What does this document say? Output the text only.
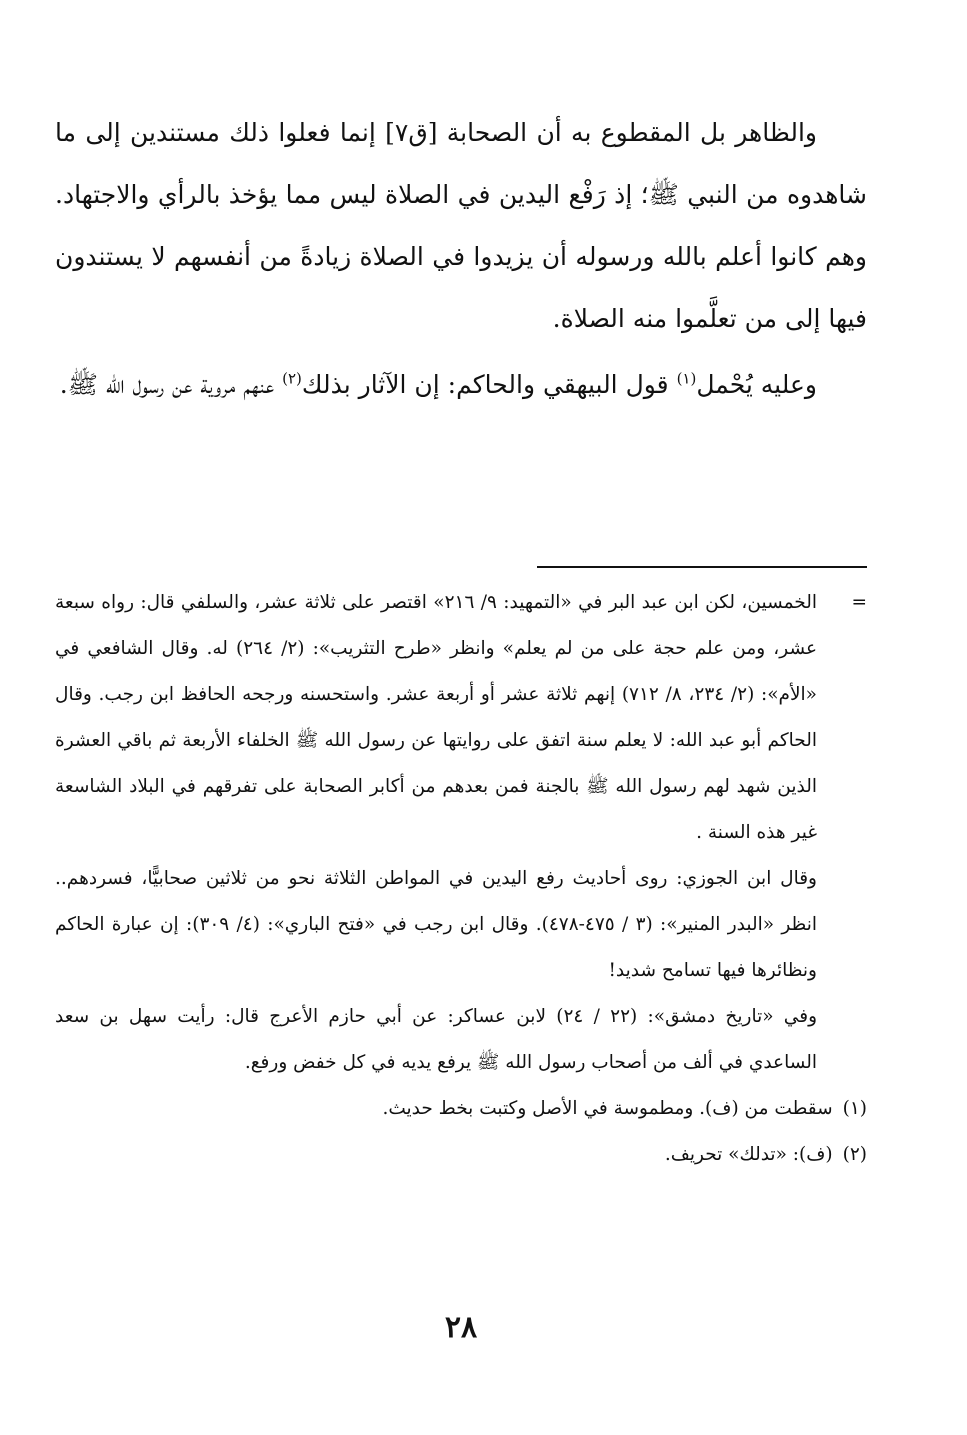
والظاهر بل المقطوع به أن الصحابة [ق٧] إنما فعلوا ذلك مستندين إلى ما شاهدوه من النبي ﷺ؛ إذ رَفْع اليدين في الصلاة ليس مما يؤخذ بالرأي والاجتهاد. وهم كانوا أعلم بالله ورسوله أن يزيدوا في الصلاة زيادةً من أنفسهم لا يستندون فيها إلى من تعلَّموا منه الصلاة.

وعليه يُحْمل$^{(١)}$ قول البيهقي والحاكم: إن الآثار بذلك$^{(٢)}$ عنهم مروية عن رسول الله ﷺ.

=
الخمسين، لكن ابن عبد البر في «التمهيد: ٩/ ٢١٦» اقتصر على ثلاثة عشر، والسلفي قال: رواه سبعة عشر، ومن علم حجة على من لم يعلم» وانظر «طرح التثريب»: (٢/ ٢٦٤) له. وقال الشافعي في «الأم»: (٢/ ٢٣٤، ٨/ ٧١٢) إنهم ثلاثة عشر أو أربعة عشر. واستحسنه ورجحه الحافظ ابن رجب. وقال الحاكم أبو عبد الله: لا يعلم سنة اتفق على روايتها عن رسول الله ﷺ الخلفاء الأربعة ثم باقي العشرة الذين شهد لهم رسول الله ﷺ بالجنة فمن بعدهم من أكابر الصحابة على تفرقهم في البلاد الشاسعة غير هذه السنة .

وقال ابن الجوزي: روى أحاديث رفع اليدين في المواطن الثلاثة نحو من ثلاثين صحابيًّا، فسردهم.. انظر «البدر المنير»: (٣ / ٤٧٥-٤٧٨). وقال ابن رجب في «فتح الباري»: (٤/ ٣٠٩): إن عبارة الحاكم ونظائرها فيها تسامح شديد!

وفي «تاريخ دمشق»: (٢٢ / ٢٤) لابن عساكر: عن أبي حازم الأعرج قال: رأيت سهل بن سعد الساعدي في ألف من أصحاب رسول الله ﷺ يرفع يديه في كل خفض ورفع.

(١)
سقطت من (ف). ومطموسة في الأصل وكتبت بخط حديث.

(٢)
(ف): «تدلك» تحريف.

٢٨
